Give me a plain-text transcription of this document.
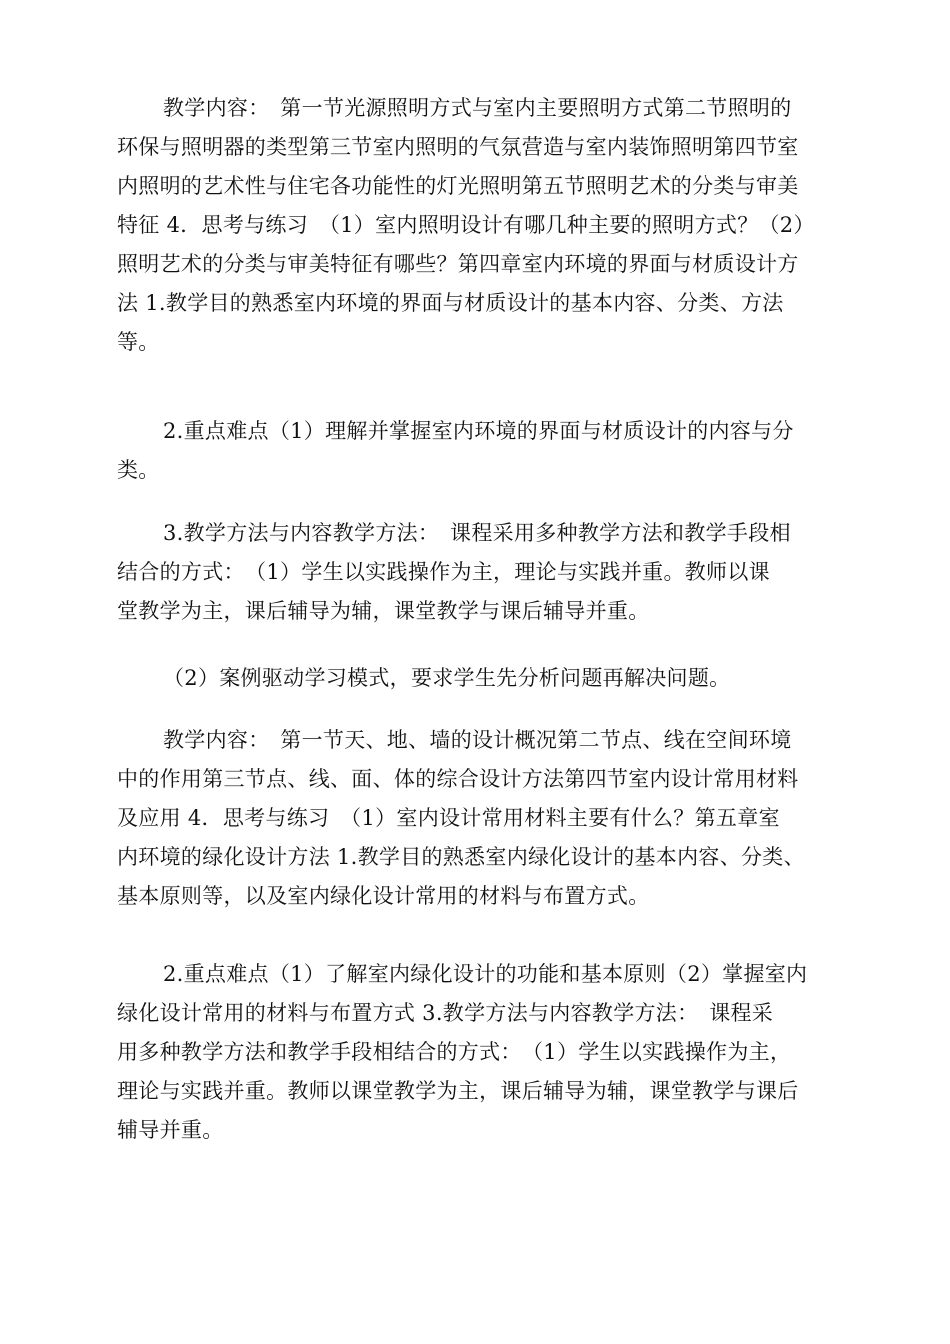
教学内容：　第一节光源照明方式与室内主要照明方式第二节照明的
环保与照明器的类型第三节室内照明的气氛营造与室内装饰照明第四节室
内照明的艺术性与住宅各功能性的灯光照明第五节照明艺术的分类与审美
特征 4．思考与练习　（1）室内照明设计有哪几种主要的照明方式？（2）
照明艺术的分类与审美特征有哪些？第四章室内环境的界面与材质设计方
法 1.教学目的熟悉室内环境的界面与材质设计的基本内容、分类、方法
等。
2.重点难点（1）理解并掌握室内环境的界面与材质设计的内容与分
类。
3.教学方法与内容教学方法：　课程采用多种教学方法和教学手段相
结合的方式：　（1）学生以实践操作为主，理论与实践并重。教师以课
堂教学为主，课后辅导为辅，课堂教学与课后辅导并重。
（2）案例驱动学习模式，要求学生先分析问题再解决问题。
教学内容：　第一节天、地、墙的设计概况第二节点、线在空间环境
中的作用第三节点、线、面、体的综合设计方法第四节室内设计常用材料
及应用 4．思考与练习　（1）室内设计常用材料主要有什么？第五章室
内环境的绿化设计方法 1.教学目的熟悉室内绿化设计的基本内容、分类、
基本原则等，以及室内绿化设计常用的材料与布置方式。
2.重点难点（1）了解室内绿化设计的功能和基本原则（2）掌握室内
绿化设计常用的材料与布置方式 3.教学方法与内容教学方法：　课程采
用多种教学方法和教学手段相结合的方式：　（1）学生以实践操作为主，
理论与实践并重。教师以课堂教学为主，课后辅导为辅，课堂教学与课后
辅导并重。
